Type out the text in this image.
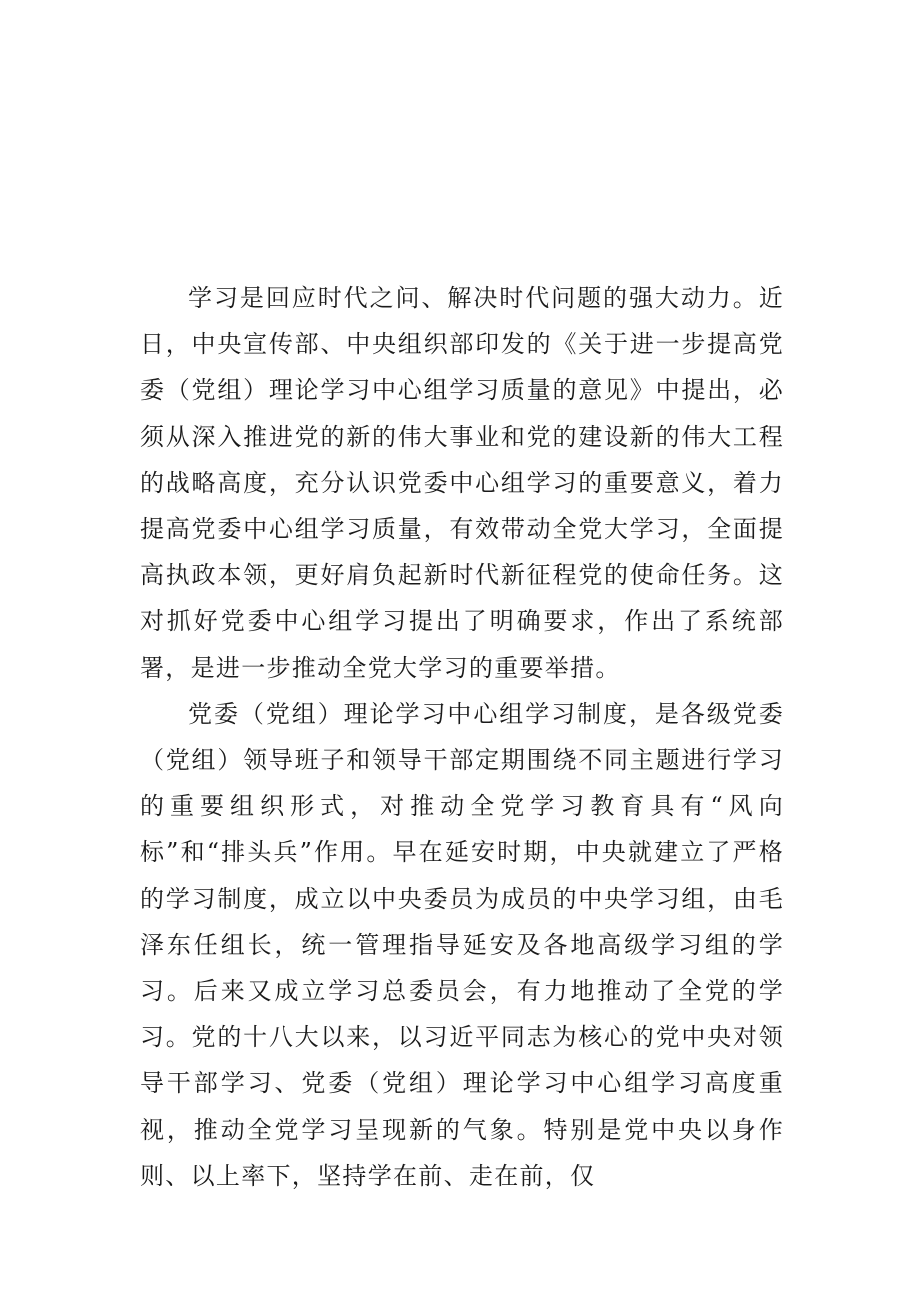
学习是回应时代之问、解决时代问题的强大动力。近日，中央宣传部、中央组织部印发的《关于进一步提高党委（党组）理论学习中心组学习质量的意见》中提出，必须从深入推进党的新的伟大事业和党的建设新的伟大工程的战略高度，充分认识党委中心组学习的重要意义，着力提高党委中心组学习质量，有效带动全党大学习，全面提高执政本领，更好肩负起新时代新征程党的使命任务。这对抓好党委中心组学习提出了明确要求，作出了系统部署，是进一步推动全党大学习的重要举措。

党委（党组）理论学习中心组学习制度，是各级党委（党组）领导班子和领导干部定期围绕不同主题进行学习的重要组织形式，对推动全党学习教育具有“风向标”和“排头兵”作用。早在延安时期，中央就建立了严格的学习制度，成立以中央委员为成员的中央学习组，由毛泽东任组长，统一管理指导延安及各地高级学习组的学习。后来又成立学习总委员会，有力地推动了全党的学习。党的十八大以来，以习近平同志为核心的党中央对领导干部学习、党委（党组）理论学习中心组学习高度重视，推动全党学习呈现新的气象。特别是党中央以身作则、以上率下，坚持学在前、走在前，仅
